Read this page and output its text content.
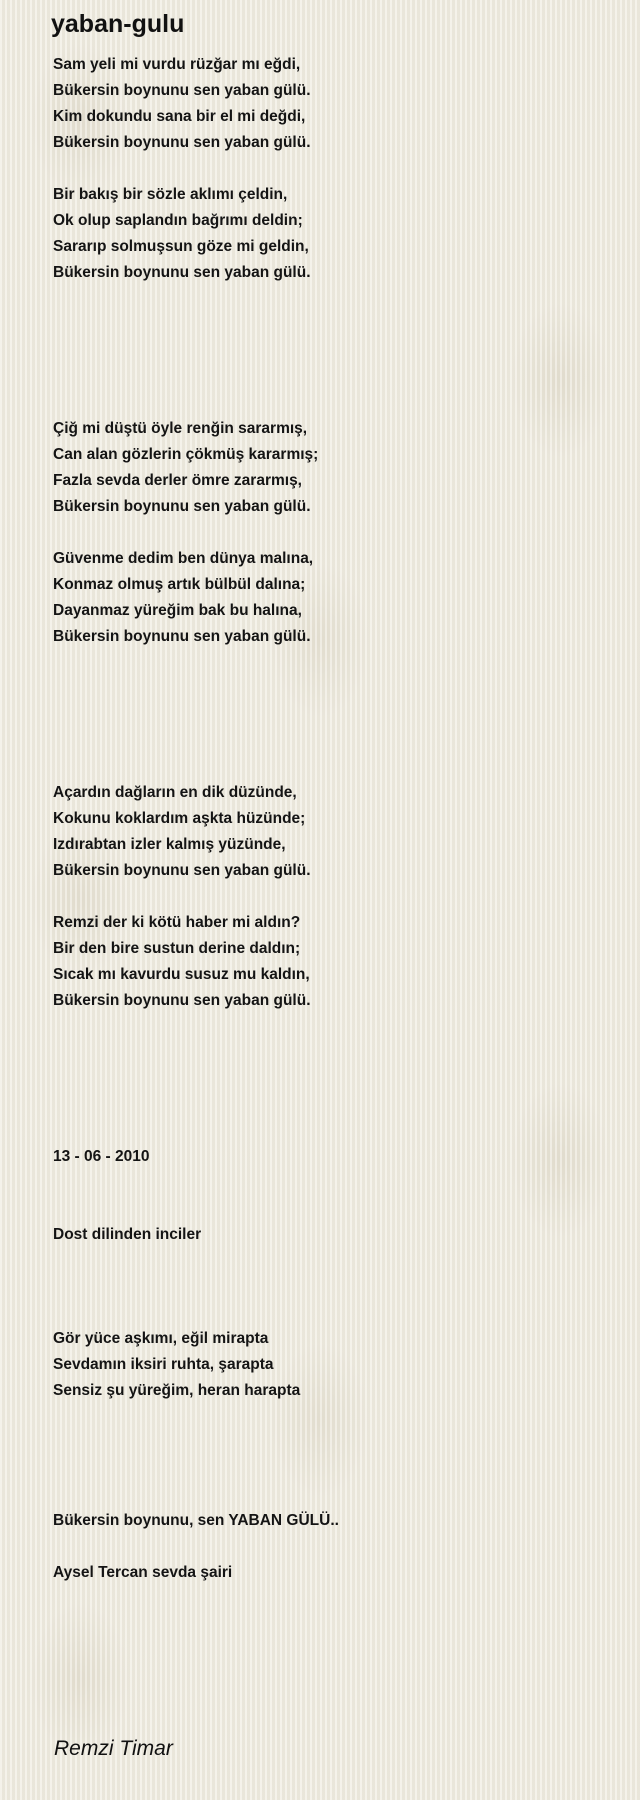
yaban-gulu
Sam yeli mi vurdu rüzğar mı eğdi,
Bükersin boynunu sen yaban gülü.
Kim dokundu sana bir el mi değdi,
Bükersin boynunu sen yaban gülü.
Bir bakış bir sözle aklımı çeldin,
Ok olup saplandın bağrımı deldin;
Sararıp solmuşsun göze mi geldin,
Bükersin boynunu sen yaban gülü.
Çiğ mi düştü öyle renğin sararmış,
Can alan gözlerin çökmüş kararmış;
Fazla sevda derler ömre zararmış,
Bükersin boynunu sen yaban gülü.
Güvenme dedim ben dünya malına,
Konmaz olmuş artık bülbül dalına;
Dayanmaz yüreğim bak bu halına,
Bükersin boynunu sen yaban gülü.
Açardın dağların en dik düzünde,
Kokunu koklardım aşkta hüzünde;
Izdırabtan izler kalmış yüzünde,
Bükersin boynunu sen yaban gülü.
Remzi der ki kötü haber mi aldın?
Bir den bire sustun derine daldın;
Sıcak mı kavurdu susuz mu kaldın,
Bükersin boynunu sen yaban gülü.
13 - 06 - 2010
Dost dilinden inciler
Gör yüce aşkımı, eğil mirapta
Sevdamın iksiri ruhta, şarapta
Sensiz şu yüreğim, heran harapta
Bükersin boynunu, sen YABAN GÜLÜ..
Aysel Tercan sevda şairi
Remzi Timar
